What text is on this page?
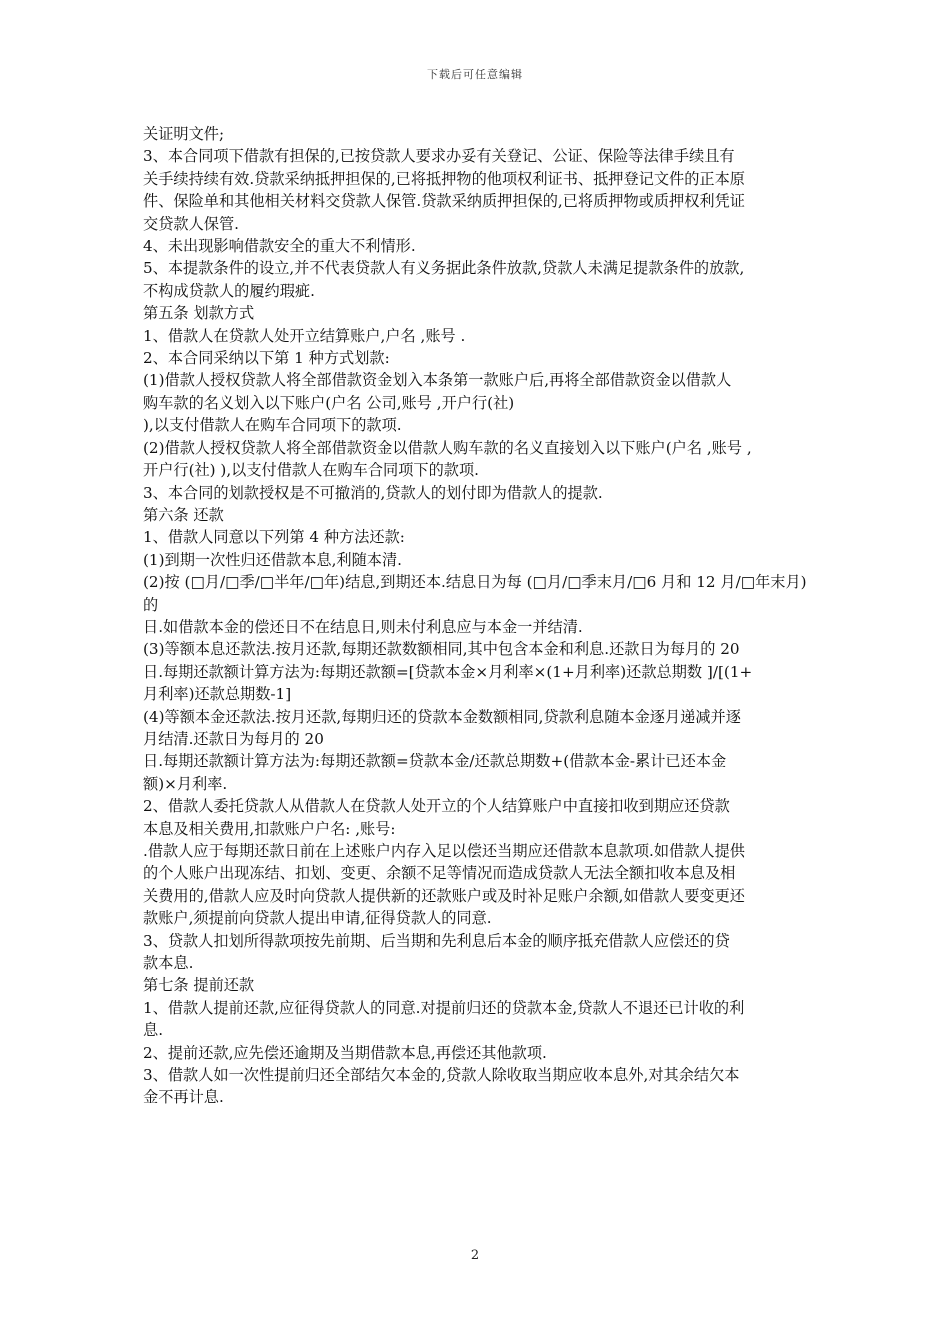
下载后可任意编辑

关证明文件;

3、本合同项下借款有担保的,已按贷款人要求办妥有关登记、公证、保险等法律手续且有

关手续持续有效.贷款采纳抵押担保的,已将抵押物的他项权利证书、抵押登记文件的正本原

件、保险单和其他相关材料交贷款人保管.贷款采纳质押担保的,已将质押物或质押权利凭证

交贷款人保管.

4、未出现影响借款安全的重大不利情形.

5、本提款条件的设立,并不代表贷款人有义务据此条件放款,贷款人未满足提款条件的放款,

不构成贷款人的履约瑕疵.

第五条 划款方式

1、借款人在贷款人处开立结算账户,户名 ,账号 .

2、本合同采纳以下第 1 种方式划款:

(1)借款人授权贷款人将全部借款资金划入本条第一款账户后,再将全部借款资金以借款人

购车款的名义划入以下账户(户名 公司,账号 ,开户行(社)

),以支付借款人在购车合同项下的款项.

(2)借款人授权贷款人将全部借款资金以借款人购车款的名义直接划入以下账户(户名 ,账号 ,

开户行(社) ),以支付借款人在购车合同项下的款项.

3、本合同的划款授权是不可撤消的,贷款人的划付即为借款人的提款.

第六条 还款

1、借款人同意以下列第 4 种方法还款:

(1)到期一次性归还借款本息,利随本清.

(2)按 (□月/□季/□半年/□年)结息,到期还本.结息日为每 (□月/□季末月/□6 月和 12 月/□年末月)

的

日.如借款本金的偿还日不在结息日,则未付利息应与本金一并结清.

(3)等额本息还款法.按月还款,每期还款数额相同,其中包含本金和利息.还款日为每月的 20

日.每期还款额计算方法为:每期还款额=[贷款本金×月利率×(1+月利率)还款总期数 ]/[(1+

月利率)还款总期数-1]

(4)等额本金还款法.按月还款,每期归还的贷款本金数额相同,贷款利息随本金逐月递减并逐

月结清.还款日为每月的 20

日.每期还款额计算方法为:每期还款额=贷款本金/还款总期数+(借款本金-累计已还本金

额)×月利率.

2、借款人委托贷款人从借款人在贷款人处开立的个人结算账户中直接扣收到期应还贷款

本息及相关费用,扣款账户户名: ,账号:

.借款人应于每期还款日前在上述账户内存入足以偿还当期应还借款本息款项.如借款人提供

的个人账户出现冻结、扣划、变更、余额不足等情况而造成贷款人无法全额扣收本息及相

关费用的,借款人应及时向贷款人提供新的还款账户或及时补足账户余额,如借款人要变更还

款账户,须提前向贷款人提出申请,征得贷款人的同意.

3、贷款人扣划所得款项按先前期、后当期和先利息后本金的顺序抵充借款人应偿还的贷

款本息.

第七条 提前还款

1、借款人提前还款,应征得贷款人的同意.对提前归还的贷款本金,贷款人不退还已计收的利

息.

2、提前还款,应先偿还逾期及当期借款本息,再偿还其他款项.

3、借款人如一次性提前归还全部结欠本金的,贷款人除收取当期应收本息外,对其余结欠本

金不再计息.

2
